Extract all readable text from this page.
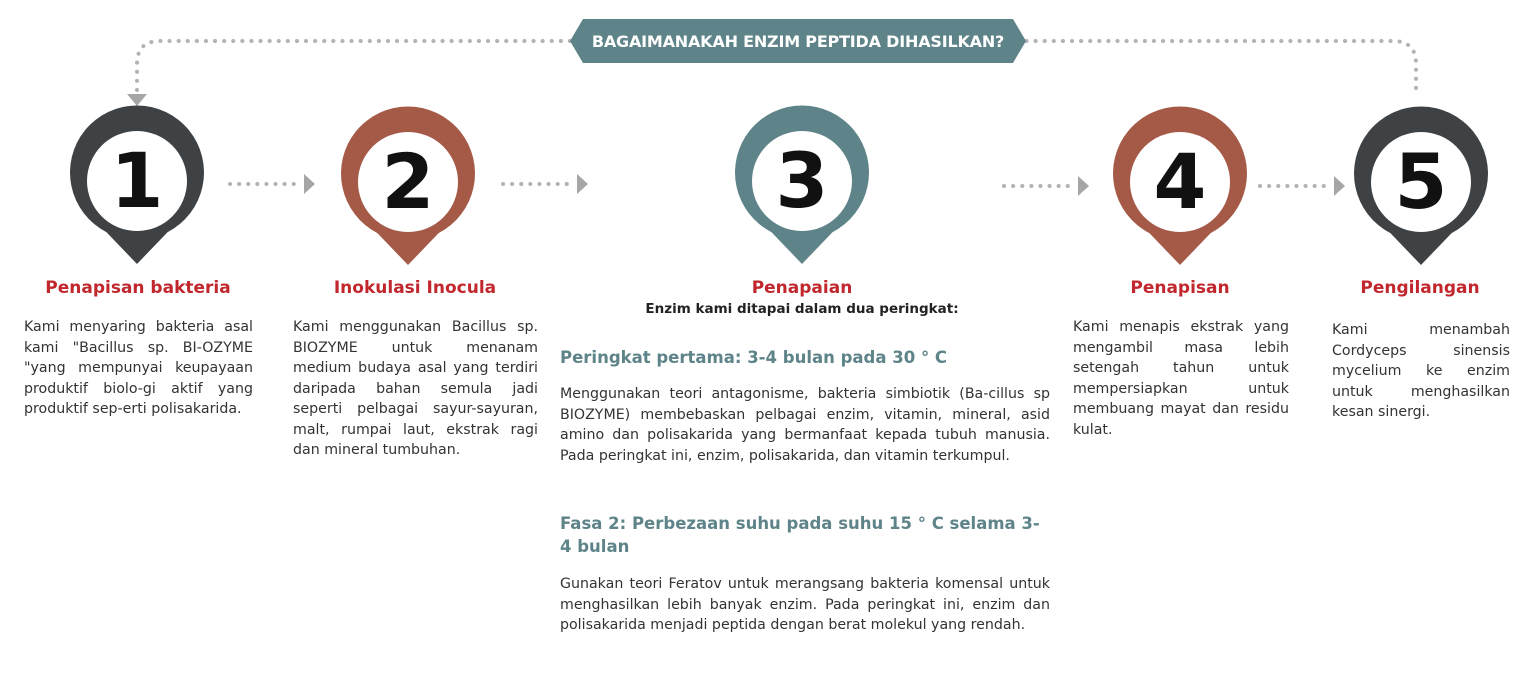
BAGAIMANAKAH ENZIM PEPTIDA DIHASILKAN?
1	2	3	4	5
Penapisan bakteria

Kami menyaring bakteria asal kami "Bacillus sp. BI-OZYME "yang mempunyai keupayaan produktif biolo-gi aktif yang produktif sep-erti polisakarida.

Inokulasi Inocula

Kami menggunakan Bacillus sp. BIOZYME untuk menanam medium budaya asal yang terdiri daripada bahan semula jadi seperti pelbagai sayur-sayuran, malt, rumpai laut, ekstrak ragi dan mineral tumbuhan.

Penapaian

Enzim kami ditapai dalam dua peringkat:

Peringkat pertama: 3-4 bulan pada 30 ° C

Menggunakan teori antagonisme, bakteria simbiotik (Ba-cillus sp BIOZYME) membebaskan pelbagai enzim, vitamin, mineral, asid amino dan polisakarida yang bermanfaat kepada tubuh manusia. Pada peringkat ini, enzim, polisakarida, dan vitamin terkumpul.

Fasa 2: Perbezaan suhu pada suhu 15 ° C selama 3-4 bulan

Gunakan teori Feratov untuk merangsang bakteria komensal untuk menghasilkan lebih banyak enzim. Pada peringkat ini, enzim dan polisakarida menjadi peptida dengan berat molekul yang rendah.

Penapisan

Kami menapis ekstrak yang mengambil masa lebih setengah tahun untuk mempersiapkan untuk membuang mayat dan residu kulat.

Pengilangan

Kami menambah Cordyceps sinensis mycelium ke enzim untuk menghasilkan kesan sinergi.
